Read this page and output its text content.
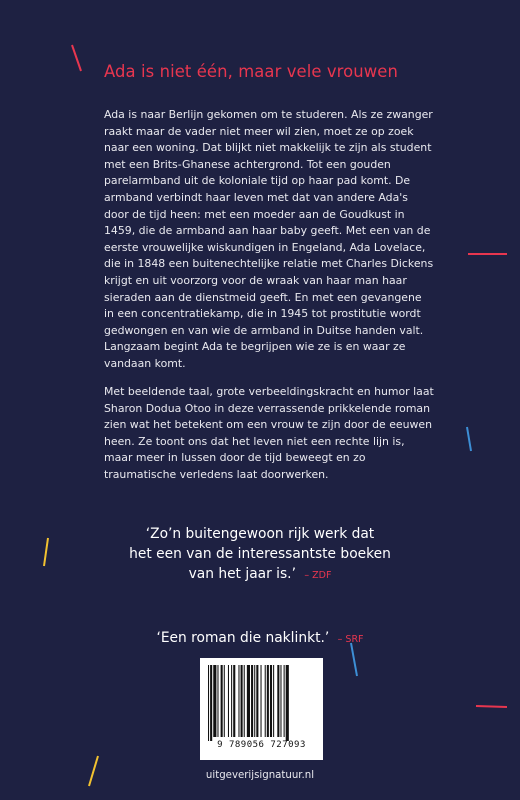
Ada is niet één, maar vele vrouwen

Ada is naar Berlijn gekomen om te studeren. Als ze zwanger raakt maar de vader niet meer wil zien, moet ze op zoek naar een woning. Dat blijkt niet makkelijk te zijn als student met een Brits-Ghanese achtergrond. Tot een gouden parelarmband uit de koloniale tijd op haar pad komt. De armband verbindt haar leven met dat van andere Ada's door de tijd heen: met een moeder aan de Goudkust in 1459, die de armband aan haar baby geeft. Met een van de eerste vrouwelijke wiskundigen in Engeland, Ada Lovelace, die in 1848 een buitenechtelijke relatie met Charles Dickens krijgt en uit voorzorg voor de wraak van haar man haar sieraden aan de dienstmeid geeft. En met een gevangene in een concentratiekamp, die in 1945 tot prostitutie wordt gedwongen en van wie de armband in Duitse handen valt. Langzaam begint Ada te begrijpen wie ze is en waar ze vandaan komt.

Met beeldende taal, grote verbeeldingskracht en humor laat Sharon Dodua Otoo in deze verrassende prikkelende roman zien wat het betekent om een vrouw te zijn door de eeuwen heen. Ze toont ons dat het leven niet een rechte lijn is, maar meer in lussen door de tijd beweegt en zo traumatische verledens laat doorwerken.

‘Zo’n buitengewoon rijk werk dat
het een van de interessantste boeken
van het jaar is.’ – ZDF

‘Een roman die naklinkt.’ – SRF

9 789056 727093
uitgeverijsignatuur.nl
